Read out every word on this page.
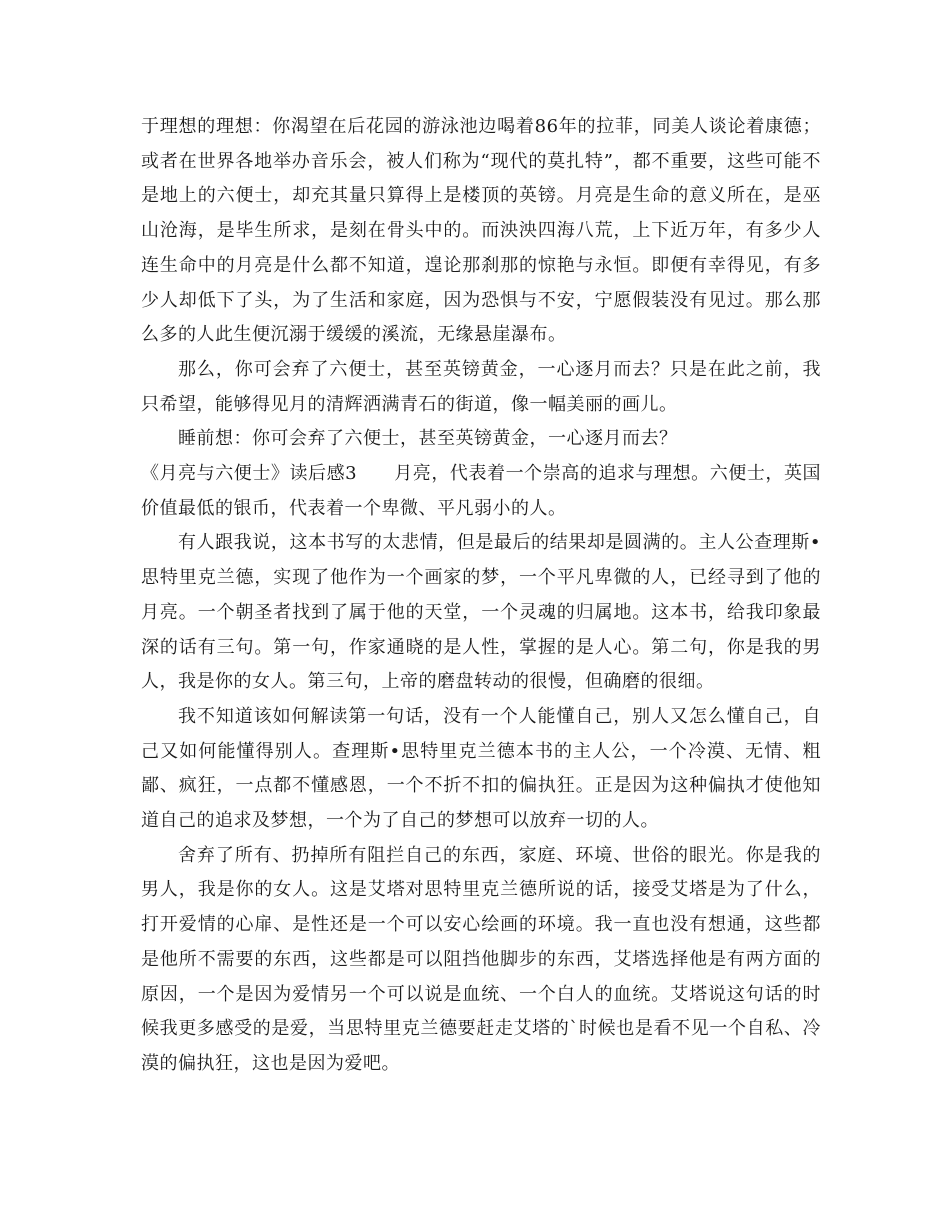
于理想的理想：你渴望在后花园的游泳池边喝着86年的拉菲，同美人谈论着康德；或者在世界各地举办音乐会，被人们称为“现代的莫扎特”，都不重要，这些可能不是地上的六便士，却充其量只算得上是楼顶的英镑。月亮是生命的意义所在，是巫山沧海，是毕生所求，是刻在骨头中的。而泱泱四海八荒，上下近万年，有多少人连生命中的月亮是什么都不知道，遑论那刹那的惊艳与永恒。即便有幸得见，有多少人却低下了头，为了生活和家庭，因为恐惧与不安，宁愿假装没有见过。那么那么多的人此生便沉溺于缓缓的溪流，无缘悬崖瀑布。

那么，你可会弃了六便士，甚至英镑黄金，一心逐月而去？只是在此之前，我只希望，能够得见月的清辉洒满青石的街道，像一幅美丽的画儿。

睡前想：你可会弃了六便士，甚至英镑黄金，一心逐月而去？

《月亮与六便士》读后感3　　月亮，代表着一个崇高的追求与理想。六便士，英国价值最低的银币，代表着一个卑微、平凡弱小的人。

有人跟我说，这本书写的太悲情，但是最后的结果却是圆满的。主人公查理斯•思特里克兰德，实现了他作为一个画家的梦，一个平凡卑微的人，已经寻到了他的月亮。一个朝圣者找到了属于他的天堂，一个灵魂的归属地。这本书，给我印象最深的话有三句。第一句，作家通晓的是人性，掌握的是人心。第二句，你是我的男人，我是你的女人。第三句，上帝的磨盘转动的很慢，但确磨的很细。

我不知道该如何解读第一句话，没有一个人能懂自己，别人又怎么懂自己，自己又如何能懂得别人。查理斯•思特里克兰德本书的主人公，一个冷漠、无情、粗鄙、疯狂，一点都不懂感恩，一个不折不扣的偏执狂。正是因为这种偏执才使他知道自己的追求及梦想，一个为了自己的梦想可以放弃一切的人。

舍弃了所有、扔掉所有阻拦自己的东西，家庭、环境、世俗的眼光。你是我的男人，我是你的女人。这是艾塔对思特里克兰德所说的话，接受艾塔是为了什么，打开爱情的心扉、是性还是一个可以安心绘画的环境。我一直也没有想通，这些都是他所不需要的东西，这些都是可以阻挡他脚步的东西，艾塔选择他是有两方面的原因，一个是因为爱情另一个可以说是血统、一个白人的血统。艾塔说这句话的时候我更多感受的是爱，当思特里克兰德要赶走艾塔的`时候也是看不见一个自私、冷漠的偏执狂，这也是因为爱吧。
